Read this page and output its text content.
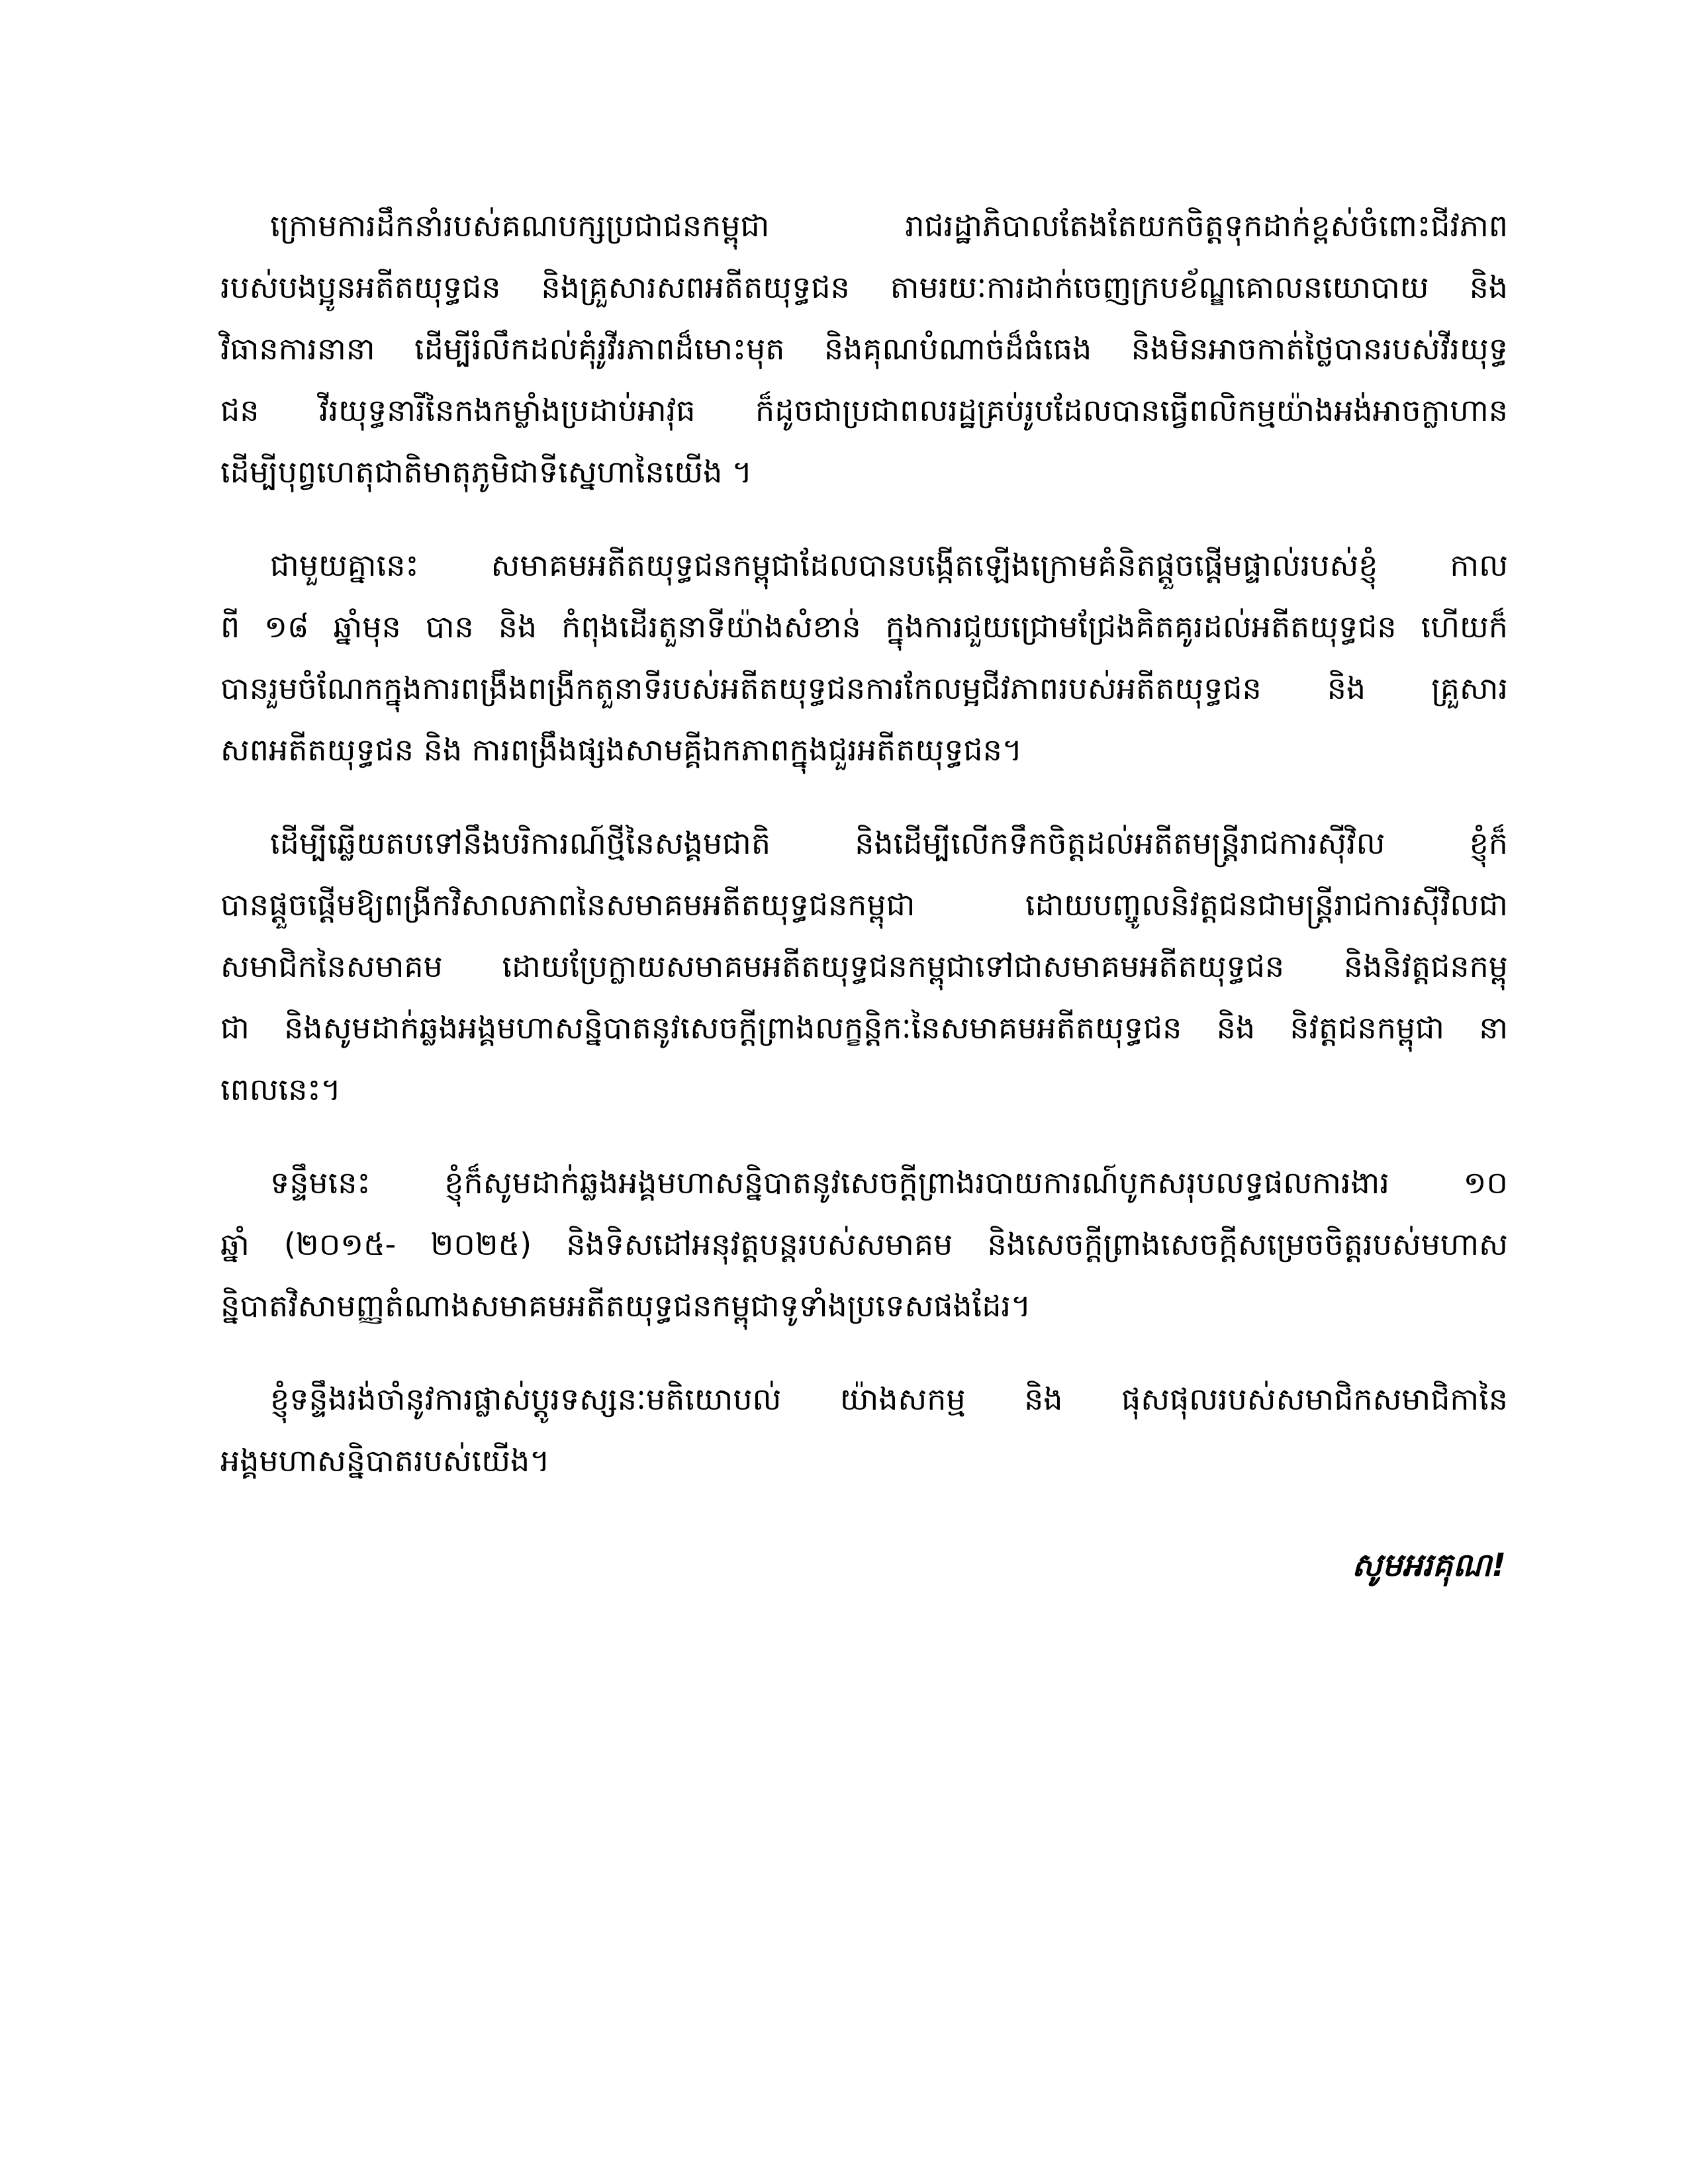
ក្រោមការដឹកនាំរបស់គណបក្សប្រជាជនកម្ពុជា រាជរដ្ឋាភិបាលតែងតែយកចិត្តទុកដាក់ខ្ពស់ចំពោះជីវភាព
របស់បងប្អូនអតីតយុទ្ធជន និងគ្រួសារសពអតីតយុទ្ធជន តាមរយៈការដាក់ចេញក្របខ័ណ្ឌគោលនយោបាយ និង
វិធានការនានា ដើម្បីរំលឹកដល់គុំរូវីរភាពដ៏មោះមុត និងគុណបំណាច់ដ៏ធំធេង និងមិនអាចកាត់ថ្លៃបានរបស់វីរយុទ្ធ
ជន វីរយុទ្ធនារីនៃកងកម្លាំងប្រដាប់អាវុធ ក៏ដូចជាប្រជាពលរដ្ឋគ្រប់រូបដែលបានធ្វើពលិកម្មយ៉ាងអង់អាចក្លាហាន
ដើម្បីបុព្វហេតុជាតិមាតុភូមិជាទីស្នេហានៃយើង ។
ជាមួយគ្នានេះ សមាគមអតីតយុទ្ធជនកម្ពុជាដែលបានបង្កើតឡើងក្រោមគំនិតផ្តួចផ្តើមផ្ទាល់របស់ខ្ញុំ កាល
ពី ១៨ ឆ្នាំមុន បាន និង កំពុងដើរតួនាទីយ៉ាងសំខាន់ ក្នុងការជួយជ្រោមជ្រែងគិតគូរដល់អតីតយុទ្ធជន ហើយក៏
បានរួមចំណែកក្នុងការពង្រឹងពង្រីកតួនាទីរបស់អតីតយុទ្ធជនការកែលម្អជីវភាពរបស់អតីតយុទ្ធជន និង គ្រួសារ
សពអតីតយុទ្ធជន និង ការពង្រឹងផ្សងសាមគ្គីឯកភាពក្នុងជួរអតីតយុទ្ធជន។
ដើម្បីឆ្លើយតបទៅនឹងបរិការណ៍ថ្មីនៃសង្គមជាតិ និងដើម្បីលើកទឹកចិត្តដល់អតីតមន្ត្រីរាជការស៊ីវិល ខ្ញុំក៏
បានផ្តួចផ្តើមឱ្យពង្រីកវិសាលភាពនៃសមាគមអតីតយុទ្ធជនកម្ពុជា ដោយបញ្ចូលនិវត្តជនជាមន្ត្រីរាជការស៊ីវិលជា
សមាជិកនៃសមាគម ដោយប្រែក្លាយសមាគមអតីតយុទ្ធជនកម្ពុជាទៅជាសមាគមអតីតយុទ្ធជន និងនិវត្តជនកម្ពុ
ជា និងសូមដាក់ឆ្លងអង្គមហាសន្និបាតនូវសេចក្តីព្រាងលក្ខន្តិកៈនៃសមាគមអតីតយុទ្ធជន និង និវត្តជនកម្ពុជា នា
ពេលនេះ។
ទន្ទឹមនេះ ខ្ញុំក៏សូមដាក់ឆ្លងអង្គមហាសន្និបាតនូវសេចក្តីព្រាងរបាយការណ៍បូកសរុបលទ្ធផលការងារ ១០
ឆ្នាំ (២០១៥- ២០២៥) និងទិសដៅអនុវត្តបន្តរបស់សមាគម និងសេចក្តីព្រាងសេចក្តីសម្រេចចិត្តរបស់មហាស
ន្និបាតវិសាមញ្ញតំណាងសមាគមអតីតយុទ្ធជនកម្ពុជាទូទាំងប្រទេសផងដែរ។
ខ្ញុំទន្ទឹងរង់ចាំនូវការផ្លាស់ប្តូរទស្សនៈមតិយោបល់ យ៉ាងសកម្ម និង ផុសផុលរបស់សមាជិកសមាជិកានៃ
អង្គមហាសន្និបាតរបស់យើង។
សូមអរគុណ!
